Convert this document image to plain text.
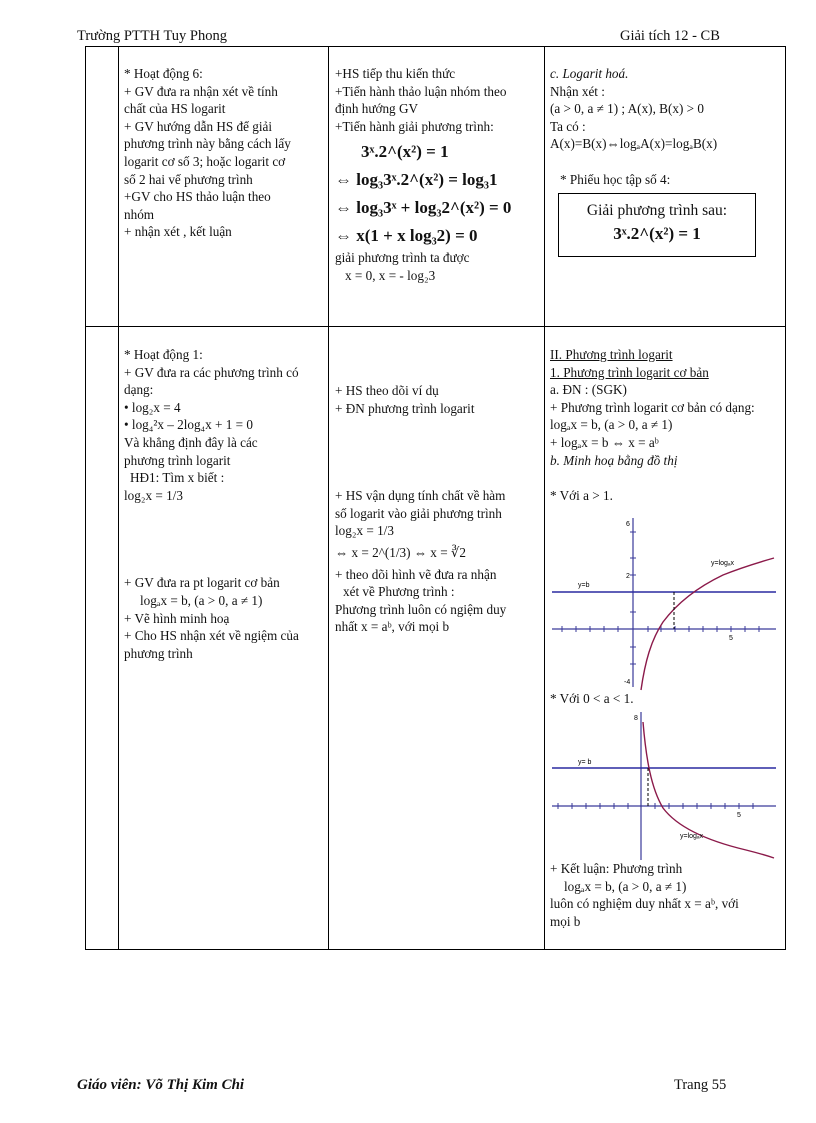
Trường PTTH Tuy Phong	Giải tích 12 - CB

* Hoạt động 6:

+ GV đưa ra nhận xét về tính

chất của HS logarit

+ GV hướng dẫn HS để giải

phương trình này bằng cách lấy

logarit cơ số 3; hoặc logarit cơ

số 2 hai vế phương trình

+GV cho HS thảo luận theo

nhóm

+ nhận xét , kết luận

+HS tiếp thu kiến thức

+Tiến hành thảo luận nhóm theo

định hướng GV

+Tiến hành giải phương trình:

3ˣ.2^(x²) = 1

⇔ log₃3ˣ.2^(x²) = log₃1

⇔ log₃3ˣ + log₃2^(x²) = 0

⇔ x(1 + x log₃2) = 0

giải phương trình ta được

x = 0, x = - log₂3

c. Logarit hoá.

Nhận xét :

(a > 0, a ≠ 1) ; A(x), B(x) > 0

Ta có :

A(x)=B(x)⇔logₐA(x)=logₐB(x)

* Phiếu học tập số 4:

Giải phương trình sau:
3ˣ.2^(x²) = 1

* Hoạt động 1:

+ GV đưa ra các phương trình có

dạng:

• log₂x = 4

• log₄²x – 2log₄x + 1 = 0

Và khẳng định đây là các

phương trình logarit

HĐ1: Tìm x biết :

log₂x = 1/3

+ GV đưa ra pt logarit cơ bản

logₐx = b, (a > 0, a ≠ 1)

+ Vẽ hình minh hoạ

+ Cho HS nhận xét về ngiệm của

phương trình

+ HS theo dõi ví dụ

+ ĐN phương trình logarit

+ HS vận dụng tính chất về hàm

số logarit vào giải phương trình

log₂x = 1/3

⇔ x = 2^(1/3) ⇔ x = ∛2

+ theo dõi hình vẽ đưa ra nhận

xét về Phương trình :

Phương trình luôn có ngiệm duy

nhất x = aᵇ, với mọi b

II. Phương trình logarit

1. Phương trình logarit cơ bản

a. ĐN : (SGK)

+ Phương trình logarit cơ bản có dạng:

logₐx = b, (a > 0, a ≠ 1)

+ logₐx = b ⇔ x = aᵇ

b. Minh hoạ bằng đồ thị

* Với a > 1.

y=b
y=logₐx
5
6
2
-4

* Với 0 < a < 1.

y= b
y=logₐx
5
8

+ Kết luận: Phương trình

logₐx = b, (a > 0, a ≠ 1)

luôn có nghiệm duy nhất x = aᵇ, với

mọi b

Giáo viên: Võ Thị Kim Chi	Trang 55
